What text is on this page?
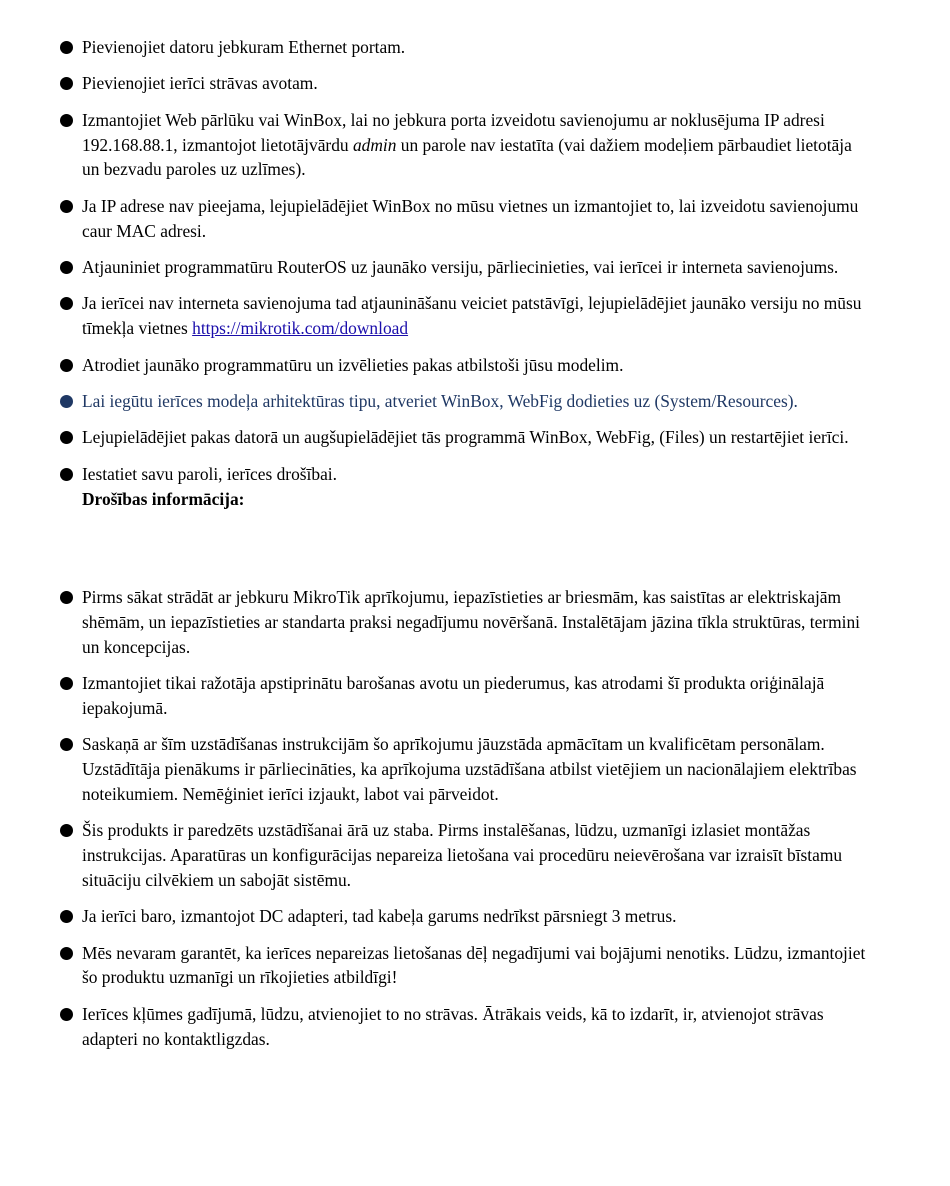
Pievienojiet datoru jebkuram Ethernet portam.
Pievienojiet ierīci strāvas avotam.
Izmantojiet Web pārlūku vai WinBox, lai no jebkura porta izveidotu savienojumu ar noklusējuma IP adresi 192.168.88.1, izmantojot lietotājvārdu admin un parole nav iestatīta (vai dažiem modeļiem pārbaudiet lietotāja un bezvadu paroles uz uzlīmes).
Ja IP adrese nav pieejama, lejupielādējiet WinBox no mūsu vietnes un izmantojiet to, lai izveidotu savienojumu caur MAC adresi.
Atjauniniet programmatūru RouterOS uz jaunāko versiju, pārliecinieties, vai ierīcei ir interneta savienojums.
Ja ierīcei nav interneta savienojuma tad atjaunināšanu veiciet patstāvīgi, lejupielādējiet jaunāko versiju no mūsu tīmekļa vietnes https://mikrotik.com/download
Atrodiet jaunāko programmatūru un izvēlieties pakas atbilstoši jūsu modelim.
Lai iegūtu ierīces modeļa arhitektūras tipu, atveriet WinBox, WebFig dodieties uz (System/Resources).
Lejupielādējiet pakas datorā un augšupielādējiet tās programmā WinBox, WebFig, (Files) un restartējiet ierīci.
Iestatiet savu paroli, ierīces drošībai.
Drošības informācija:
Pirms sākat strādāt ar jebkuru MikroTik aprīkojumu, iepazīstieties ar briesmām, kas saistītas ar elektriskajām shēmām, un iepazīstieties ar standarta praksi negadījumu novēršanā. Instalētājam jāzina tīkla struktūras, termini un koncepcijas.
Izmantojiet tikai ražotāja apstiprinātu barošanas avotu un piederumus, kas atrodami šī produkta oriģinālajā iepakojumā.
Saskaņā ar šīm uzstādīšanas instrukcijām šo aprīkojumu jāuzstāda apmācītam un kvalificētam personālam. Uzstādītāja pienākums ir pārliecināties, ka aprīkojuma uzstādīšana atbilst vietējiem un nacionālajiem elektrības noteikumiem. Nemēģiniet ierīci izjaukt, labot vai pārveidot.
Šis produkts ir paredzēts uzstādīšanai ārā uz staba. Pirms instalēšanas, lūdzu, uzmanīgi izlasiet montāžas instrukcijas. Aparatūras un konfigurācijas nepareiza lietošana vai procedūru neievērošana var izraisīt bīstamu situāciju cilvēkiem un sabojāt sistēmu.
Ja ierīci baro, izmantojot DC adapteri, tad kabeļa garums nedrīkst pārsniegt 3 metrus.
Mēs nevaram garantēt, ka ierīces nepareizas lietošanas dēļ negadījumi vai bojājumi nenotiks. Lūdzu, izmantojiet šo produktu uzmanīgi un rīkojieties atbildīgi!
Ierīces kļūmes gadījumā, lūdzu, atvienojiet to no strāvas. Ātrākais veids, kā to izdarīt, ir, atvienojot strāvas adapteri no kontaktligzdas.
